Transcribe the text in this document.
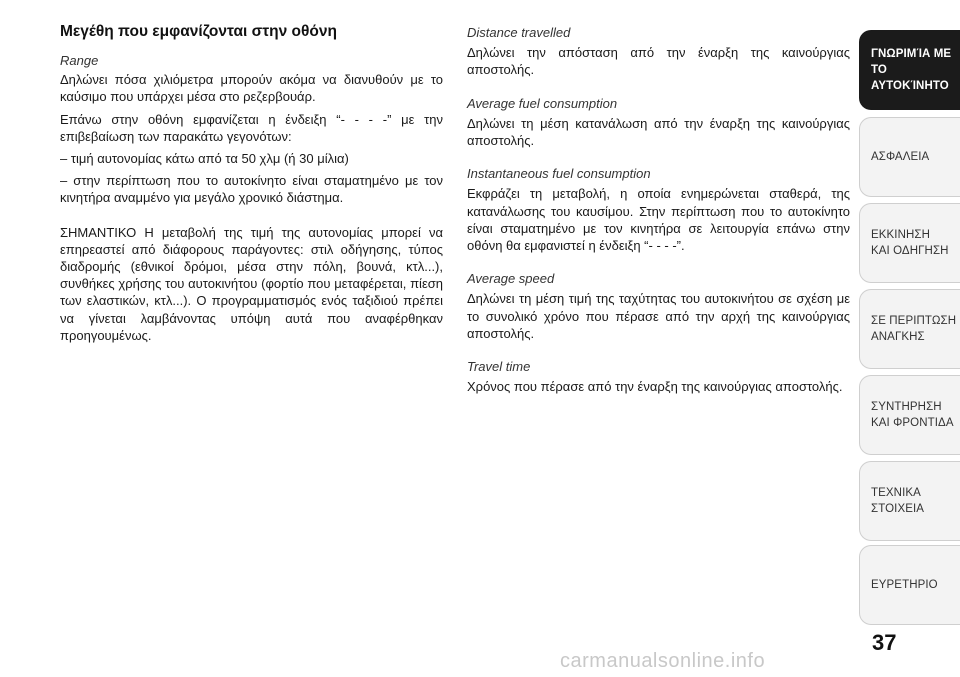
Μεγέθη που εμφανίζονται στην οθόνη

Range

Δηλώνει πόσα χιλιόμετρα μπορούν ακόμα να διανυθούν με το καύσιμο που υπάρχει μέσα στο ρεζερβουάρ.

Επάνω στην οθόνη εμφανίζεται η ένδειξη “- - - -” με την επιβεβαίωση των παρακάτω γεγονότων:

– τιμή αυτονομίας κάτω από τα 50 χλμ (ή 30 μίλια)

– στην περίπτωση που το αυτοκίνητο είναι σταματημένο με τον κινητήρα αναμμένο για μεγάλο χρονικό διάστημα.

ΣΗΜΑΝΤΙΚΟ Η μεταβολή της τιμή της αυτονομίας μπορεί να επηρεαστεί από διάφορους παράγοντες: στιλ οδήγησης, τύπος διαδρομής (εθνικοί δρόμοι, μέσα στην πόλη, βουνά, κτλ...), συνθήκες χρήσης του αυτοκινήτου (φορτίο που μεταφέρεται, πίεση των ελαστικών, κτλ...). Ο προγραμματισμός ενός ταξιδιού πρέπει να γίνεται λαμβάνοντας υπόψη αυτά που αναφέρθηκαν προηγουμένως.

Distance travelled

Δηλώνει την απόσταση από την έναρξη της καινούργιας αποστολής.

Average fuel consumption

Δηλώνει τη μέση κατανάλωση από την έναρξη της καινούργιας αποστολής.

Instantaneous fuel consumption

Εκφράζει τη μεταβολή, η οποία ενημερώνεται σταθερά, της κατανάλωσης του καυσίμου. Στην περίπτωση που το αυτοκίνητο είναι σταματημένο με τον κινητήρα σε λειτουργία επάνω στην οθόνη θα εμφανιστεί η ένδειξη “- - - -”.

Average speed

Δηλώνει τη μέση τιμή της ταχύτητας του αυτοκινήτου σε σχέση με το συνολικό χρόνο που πέρασε από την αρχή της καινούργιας αποστολής.

Travel time

Χρόνος που πέρασε από την έναρξη της καινούργιας αποστολής.

ΓΝΩΡΙΜΊΑ ΜΕ ΤΟ
ΑΥΤΟΚΊΝΗΤΟ
ΑΣΦΑΛΕΙΑ
ΕΚΚΙΝΗΣΗ
ΚΑΙ ΟΔΗΓΗΣΗ
ΣΕ ΠΕΡΙΠΤΩΣΗ
ΑΝΑΓΚΗΣ
ΣΥΝΤΗΡΗΣΗ
ΚΑΙ ΦΡΟΝΤΙΔΑ
ΤΕΧΝΙΚΑ
ΣΤΟΙΧΕΙΑ
ΕΥΡΕΤΗΡΙΟ
37
carmanualsonline.info
